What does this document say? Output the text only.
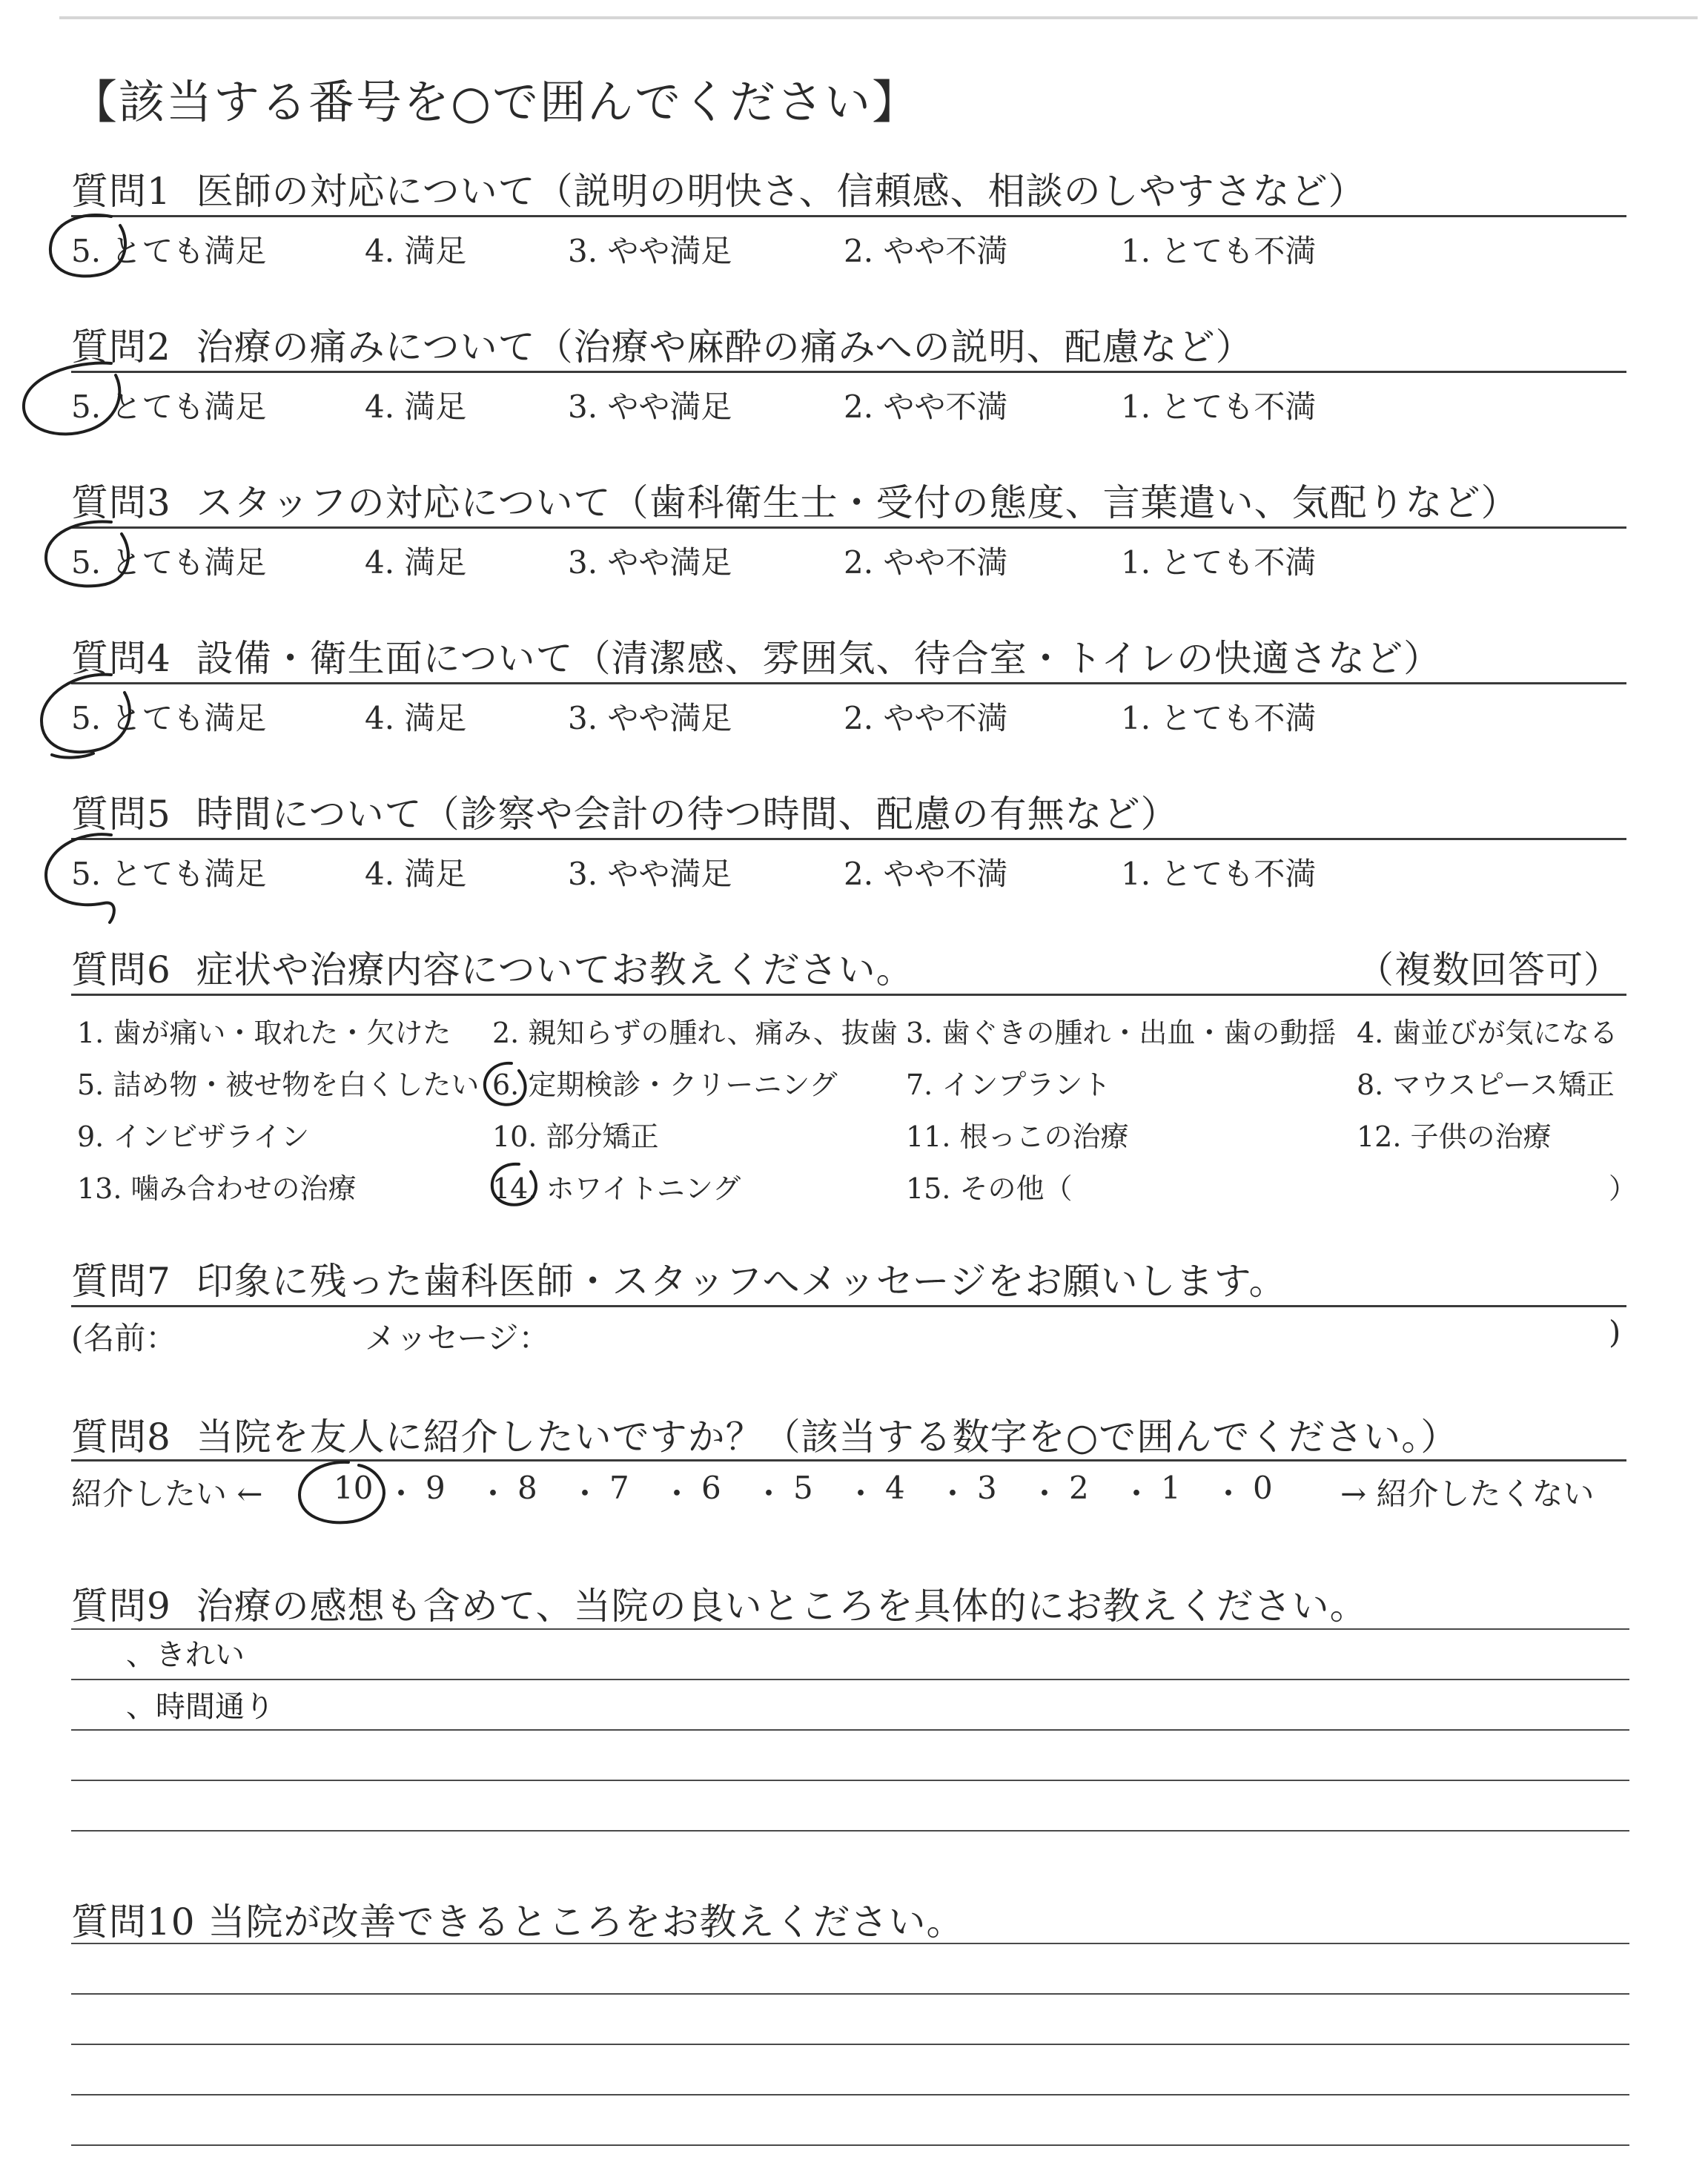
【該当する番号を○で囲んでください】
質問1 医師の対応について（説明の明快さ、信頼感、相談のしやすさなど）
5. とても満足	4. 満足	3. やや満足	2. やや不満	1. とても不満
質問2 治療の痛みについて（治療や麻酔の痛みへの説明、配慮など）
5. とても満足	4. 満足	3. やや満足	2. やや不満	1. とても不満
質問3 スタッフの対応について（歯科衛生士・受付の態度、言葉遣い、気配りなど）
5. とても満足	4. 満足	3. やや満足	2. やや不満	1. とても不満
質問4 設備・衛生面について（清潔感、雰囲気、待合室・トイレの快適さなど）
5. とても満足	4. 満足	3. やや満足	2. やや不満	1. とても不満
質問5 時間について（診察や会計の待つ時間、配慮の有無など）
5. とても満足	4. 満足	3. やや満足	2. やや不満	1. とても不満
質問6 症状や治療内容についてお教えください。	（複数回答可）
1. 歯が痛い・取れた・欠けた 2. 親知らずの腫れ、痛み、抜歯 3. 歯ぐきの腫れ・出血・歯の動揺 4. 歯並びが気になる
5. 詰め物・被せ物を白くしたい 6. 定期検診・クリーニング 7. インプラント	8. マウスピース矯正
9. インビザライン	10. 部分矯正	11. 根っこの治療	12. 子供の治療
13. 噛み合わせの治療	14. ホワイトニング	15. その他（	）
質問7 印象に残った歯科医師・スタッフへメッセージをお願いします。
(名前：	メッセージ：	)
質問8 当院を友人に紹介したいですか？（該当する数字を○で囲んでください。）
紹介したい ←	→ 紹介したくない
10 ・ 9 ・ 8 ・ 7 ・ 6 ・ 5 ・ 4 ・ 3 ・ 2 ・ 1 ・ 0
質問9 治療の感想も含めて、当院の良いところを具体的にお教えください。
、きれい
、時間通り
質問10 当院が改善できるところをお教えください。
